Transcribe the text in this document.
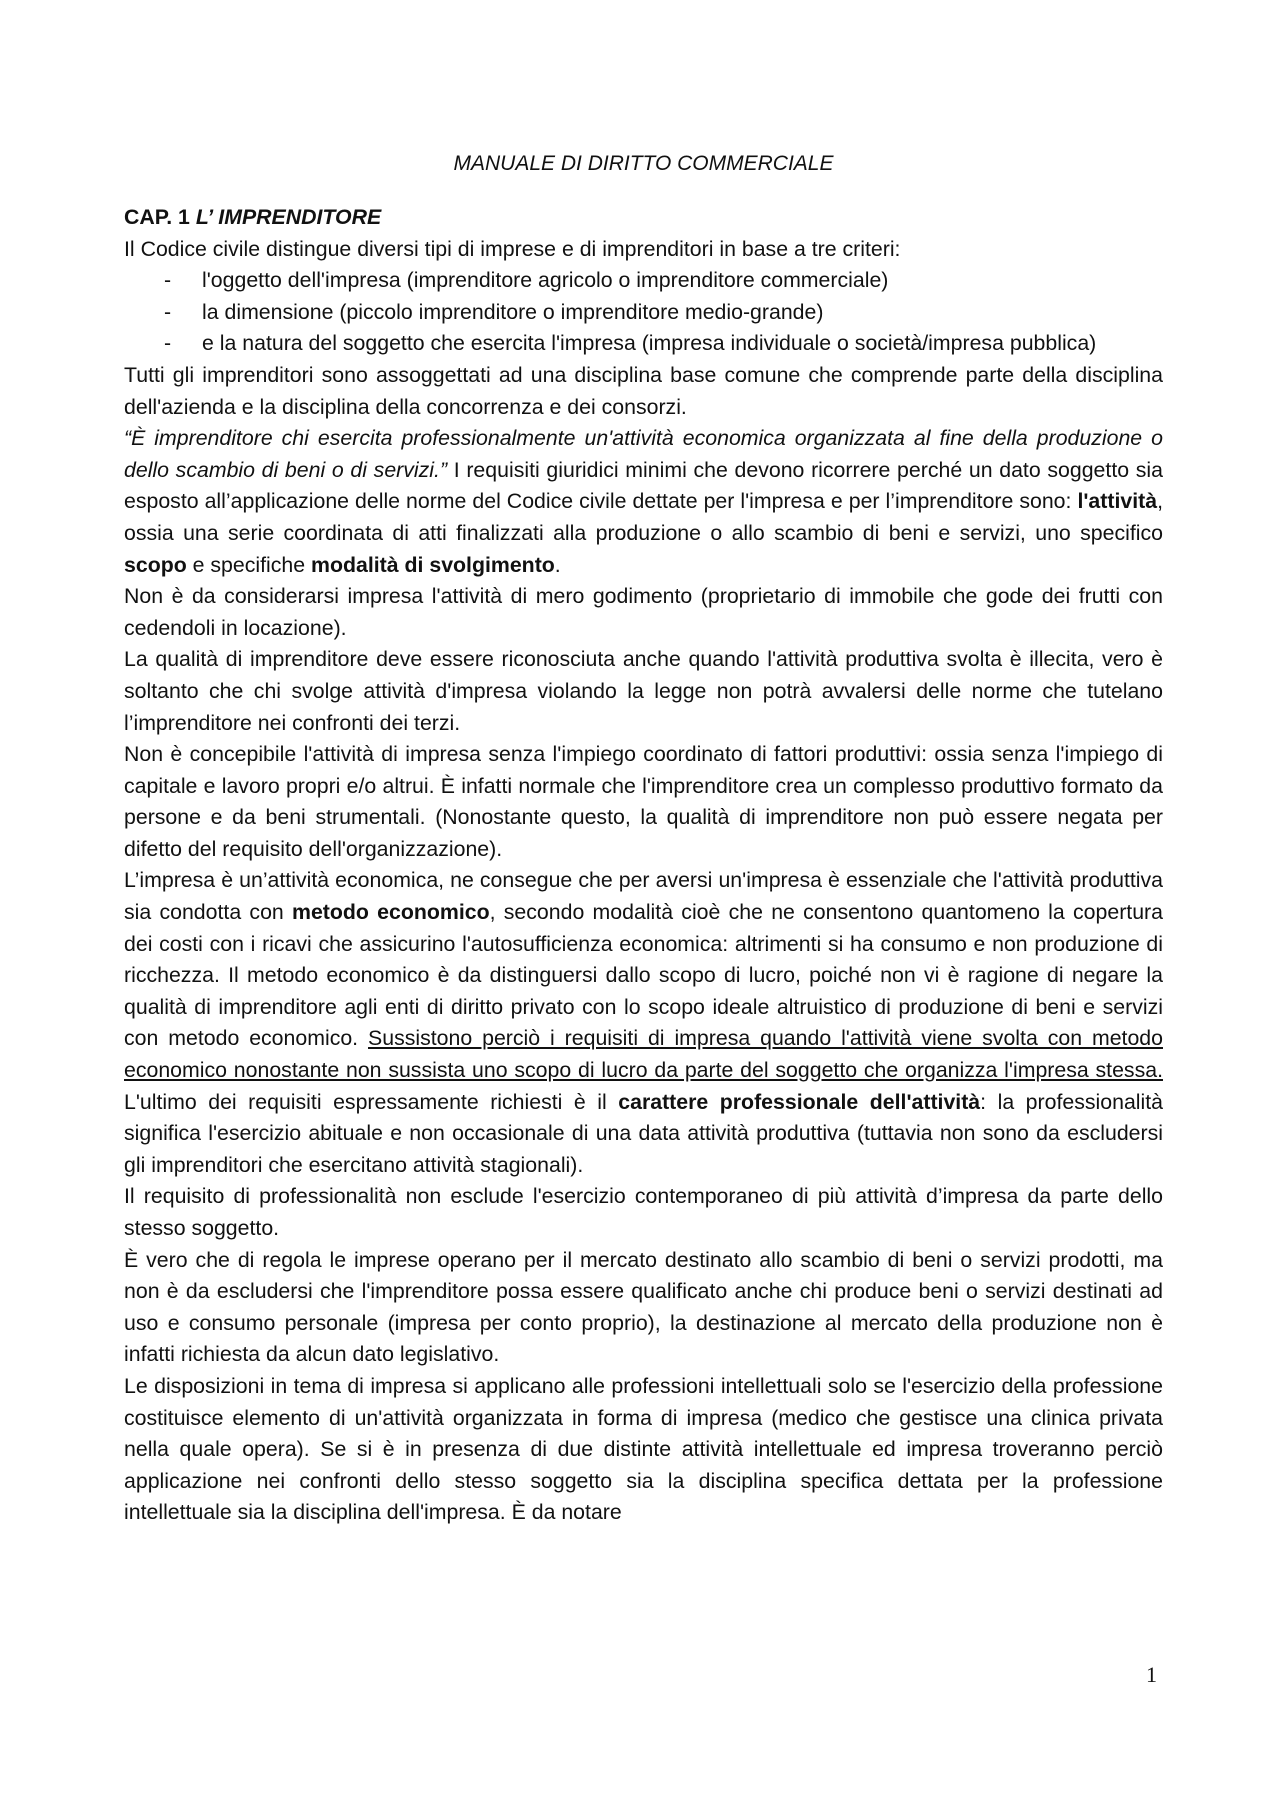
MANUALE DI DIRITTO COMMERCIALE

CAP. 1 L’ IMPRENDITORE

Il Codice civile distingue diversi tipi di imprese e di imprenditori in base a tre criteri:

- l'oggetto dell'impresa (imprenditore agricolo o imprenditore commerciale)
- la dimensione (piccolo imprenditore o imprenditore medio-grande)
- e la natura del soggetto che esercita l'impresa (impresa individuale o società/impresa pubblica)

Tutti gli imprenditori sono assoggettati ad una disciplina base comune che comprende parte della disciplina dell'azienda e la disciplina della concorrenza e dei consorzi.

“È imprenditore chi esercita professionalmente un'attività economica organizzata al fine della produzione o dello scambio di beni o di servizi.” I requisiti giuridici minimi che devono ricorrere perché un dato soggetto sia esposto all’applicazione delle norme del Codice civile dettate per l'impresa e per l’imprenditore sono: l'attività, ossia una serie coordinata di atti finalizzati alla produzione o allo scambio di beni e servizi, uno specifico scopo e specifiche modalità di svolgimento.

Non è da considerarsi impresa l'attività di mero godimento (proprietario di immobile che gode dei frutti con cedendoli in locazione).

La qualità di imprenditore deve essere riconosciuta anche quando l'attività produttiva svolta è illecita, vero è soltanto che chi svolge attività d'impresa violando la legge non potrà avvalersi delle norme che tutelano l’imprenditore nei confronti dei terzi.

Non è concepibile l'attività di impresa senza l'impiego coordinato di fattori produttivi: ossia senza l'impiego di capitale e lavoro propri e/o altrui. È infatti normale che l'imprenditore crea un complesso produttivo formato da persone e da beni strumentali. (Nonostante questo, la qualità di imprenditore non può essere negata per difetto del requisito dell'organizzazione).

L’impresa è un’attività economica, ne consegue che per aversi un'impresa è essenziale che l'attività produttiva sia condotta con metodo economico, secondo modalità cioè che ne consentono quantomeno la copertura dei costi con i ricavi che assicurino l'autosufficienza economica: altrimenti si ha consumo e non produzione di ricchezza. Il metodo economico è da distinguersi dallo scopo di lucro, poiché non vi è ragione di negare la qualità di imprenditore agli enti di diritto privato con lo scopo ideale altruistico di produzione di beni e servizi con metodo economico. Sussistono perciò i requisiti di impresa quando l'attività viene svolta con metodo economico nonostante non sussista uno scopo di lucro da parte del soggetto che organizza l'impresa stessa. L'ultimo dei requisiti espressamente richiesti è il carattere professionale dell'attività: la professionalità significa l'esercizio abituale e non occasionale di una data attività produttiva (tuttavia non sono da escludersi gli imprenditori che esercitano attività stagionali).

Il requisito di professionalità non esclude l'esercizio contemporaneo di più attività d’impresa da parte dello stesso soggetto.

È vero che di regola le imprese operano per il mercato destinato allo scambio di beni o servizi prodotti, ma non è da escludersi che l'imprenditore possa essere qualificato anche chi produce beni o servizi destinati ad uso e consumo personale (impresa per conto proprio), la destinazione al mercato della produzione non è infatti richiesta da alcun dato legislativo.

Le disposizioni in tema di impresa si applicano alle professioni intellettuali solo se l'esercizio della professione costituisce elemento di un'attività organizzata in forma di impresa (medico che gestisce una clinica privata nella quale opera). Se si è in presenza di due distinte attività intellettuale ed impresa troveranno perciò applicazione nei confronti dello stesso soggetto sia la disciplina specifica dettata per la professione intellettuale sia la disciplina dell'impresa. È da notare

1
